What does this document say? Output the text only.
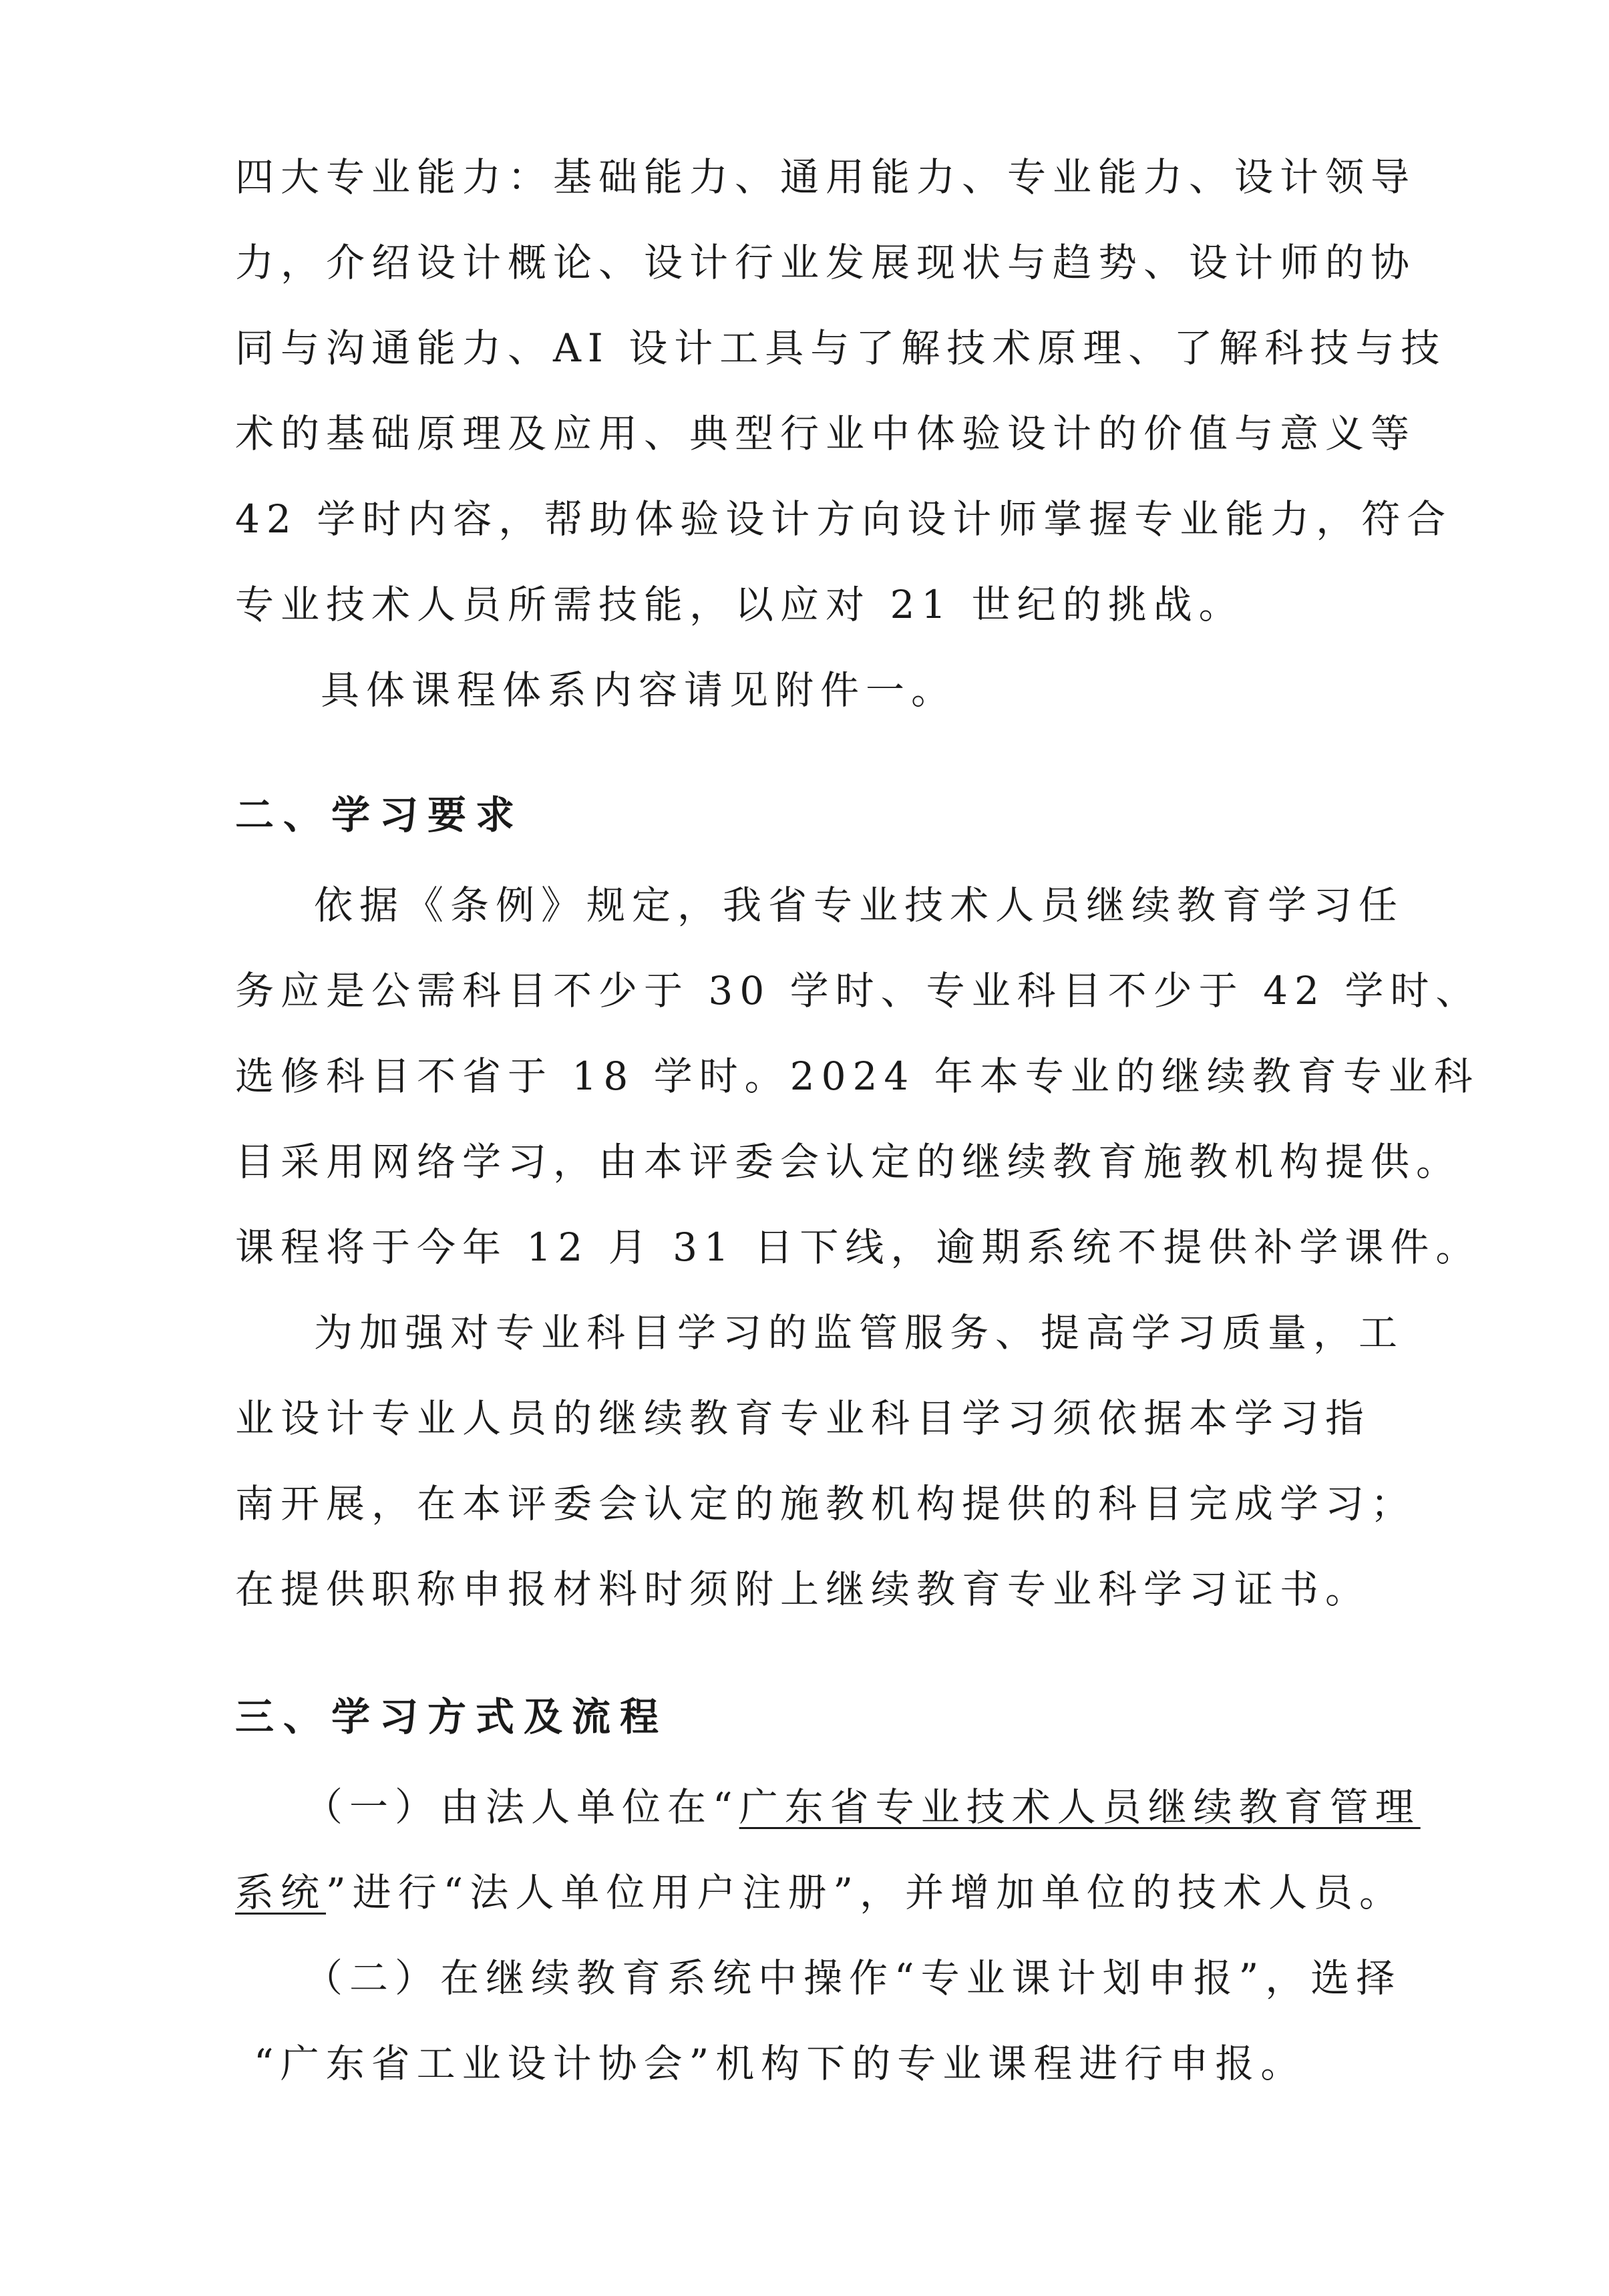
四大专业能力：基础能力、通用能力、专业能力、设计领导
力，介绍设计概论、设计行业发展现状与趋势、设计师的协
同与沟通能力、AI 设计工具与了解技术原理、了解科技与技
术的基础原理及应用、典型行业中体验设计的价值与意义等
42 学时内容，帮助体验设计方向设计师掌握专业能力，符合
专业技术人员所需技能，以应对 21 世纪的挑战。
具体课程体系内容请见附件一。
二、学习要求
依据《条例》规定，我省专业技术人员继续教育学习任
务应是公需科目不少于 30 学时、专业科目不少于 42 学时、
选修科目不省于 18 学时。2024 年本专业的继续教育专业科
目采用网络学习，由本评委会认定的继续教育施教机构提供。
课程将于今年 12 月 31 日下线，逾期系统不提供补学课件。
为加强对专业科目学习的监管服务、提高学习质量，工
业设计专业人员的继续教育专业科目学习须依据本学习指
南开展，在本评委会认定的施教机构提供的科目完成学习；
在提供职称申报材料时须附上继续教育专业科学习证书。
三、学习方式及流程
（一）由法人单位在“广东省专业技术人员继续教育管理
系统”进行“法人单位用户注册”，并增加单位的技术人员。
（二）在继续教育系统中操作“专业课计划申报”，选择
“广东省工业设计协会”机构下的专业课程进行申报。
